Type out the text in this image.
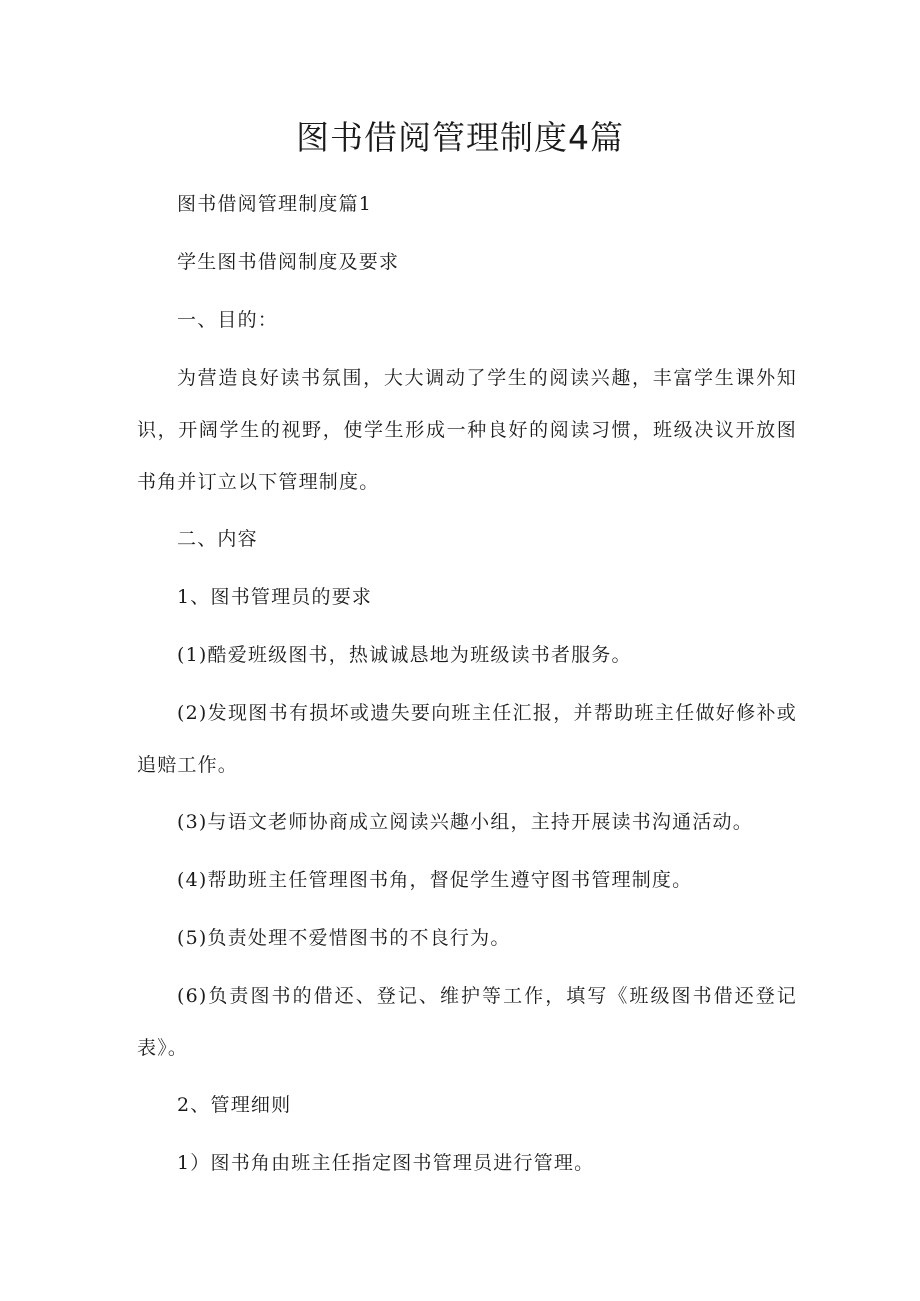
图书借阅管理制度4篇

图书借阅管理制度篇1

学生图书借阅制度及要求

一、目的：

为营造良好读书氛围，大大调动了学生的阅读兴趣，丰富学生课外知识，开阔学生的视野，使学生形成一种良好的阅读习惯，班级决议开放图书角并订立以下管理制度。

二、内容

1、图书管理员的要求

(1)酷爱班级图书，热诚诚恳地为班级读书者服务。

(2)发现图书有损坏或遗失要向班主任汇报，并帮助班主任做好修补或追赔工作。

(3)与语文老师协商成立阅读兴趣小组，主持开展读书沟通活动。

(4)帮助班主任管理图书角，督促学生遵守图书管理制度。

(5)负责处理不爱惜图书的不良行为。

(6)负责图书的借还、登记、维护等工作，填写《班级图书借还登记表》。

2、管理细则

1）图书角由班主任指定图书管理员进行管理。
